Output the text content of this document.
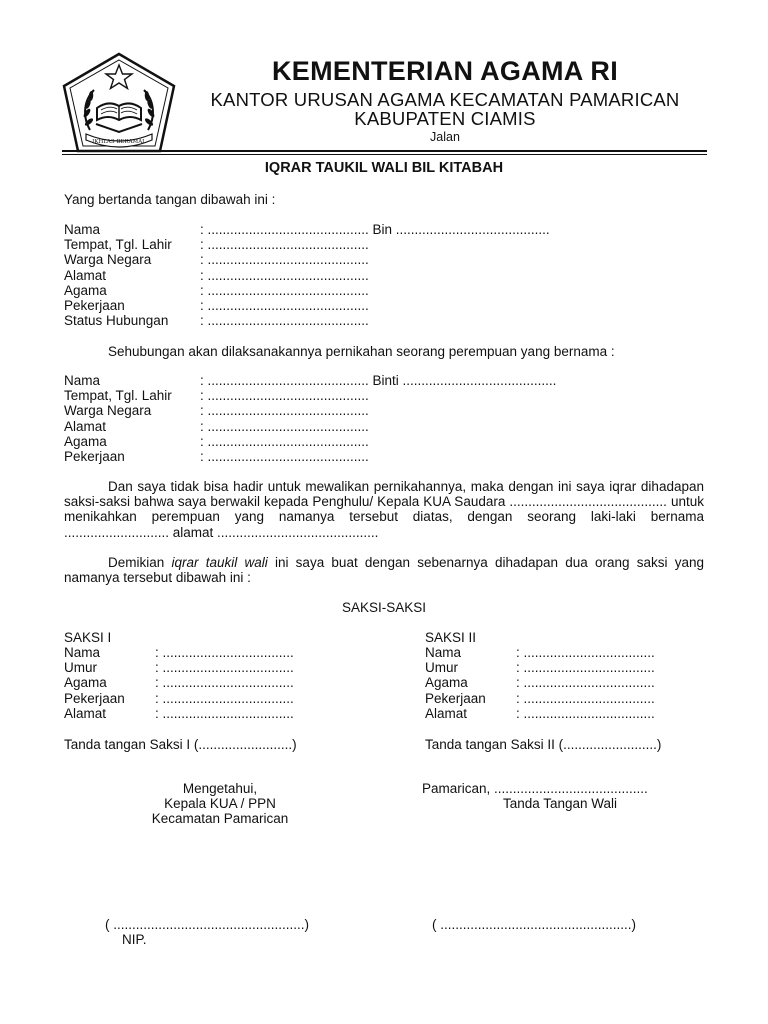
IKHLAS BERAMAL
KEMENTERIAN AGAMA RI
KANTOR URUSAN AGAMA KECAMATAN PAMARICAN
KABUPATEN CIAMIS
Jalan
IQRAR TAUKIL WALI BIL KITABAH
Yang bertanda tangan dibawah ini :
Nama	: ........................................... Bin .........................................
Tempat, Tgl. Lahir : ...........................................
Warga Negara	: ...........................................
Alamat	: ...........................................
Agama	: ...........................................
Pekerjaan	: ...........................................
Status Hubungan : ...........................................
Sehubungan akan dilaksanakannya pernikahan seorang perempuan yang bernama :
Nama	: ........................................... Binti .........................................
Tempat, Tgl. Lahir : ...........................................
Warga Negara	: ...........................................
Alamat	: ...........................................
Agama	: ...........................................
Pekerjaan	: ...........................................
Dan saya tidak bisa hadir untuk mewalikan pernikahannya, maka dengan ini saya iqrar dihadapan saksi-saksi bahwa saya berwakil kepada Penghulu/ Kepala KUA Saudara .......................................... untuk menikahkan perempuan yang namanya tersebut diatas, dengan seorang laki-laki bernama ............................ alamat ...........................................
Demikian iqrar taukil wali ini saya buat dengan sebenarnya dihadapan dua orang saksi yang namanya tersebut dibawah ini :
SAKSI-SAKSI
SAKSI I
Nama	: ...................................
Umur	: ...................................
Agama	: ...................................
Pekerjaan : ...................................
Alamat	: ...................................
Tanda tangan Saksi I (.........................)
SAKSI II
Nama	: ...................................
Umur	: ...................................
Agama	: ...................................
Pekerjaan : ...................................
Alamat	: ...................................
Tanda tangan Saksi II (.........................)
Mengetahui,
Kepala KUA / PPN
Kecamatan Pamarican
( ...................................................)
NIP.
Pamarican, .........................................
Tanda Tangan Wali
( ...................................................)
